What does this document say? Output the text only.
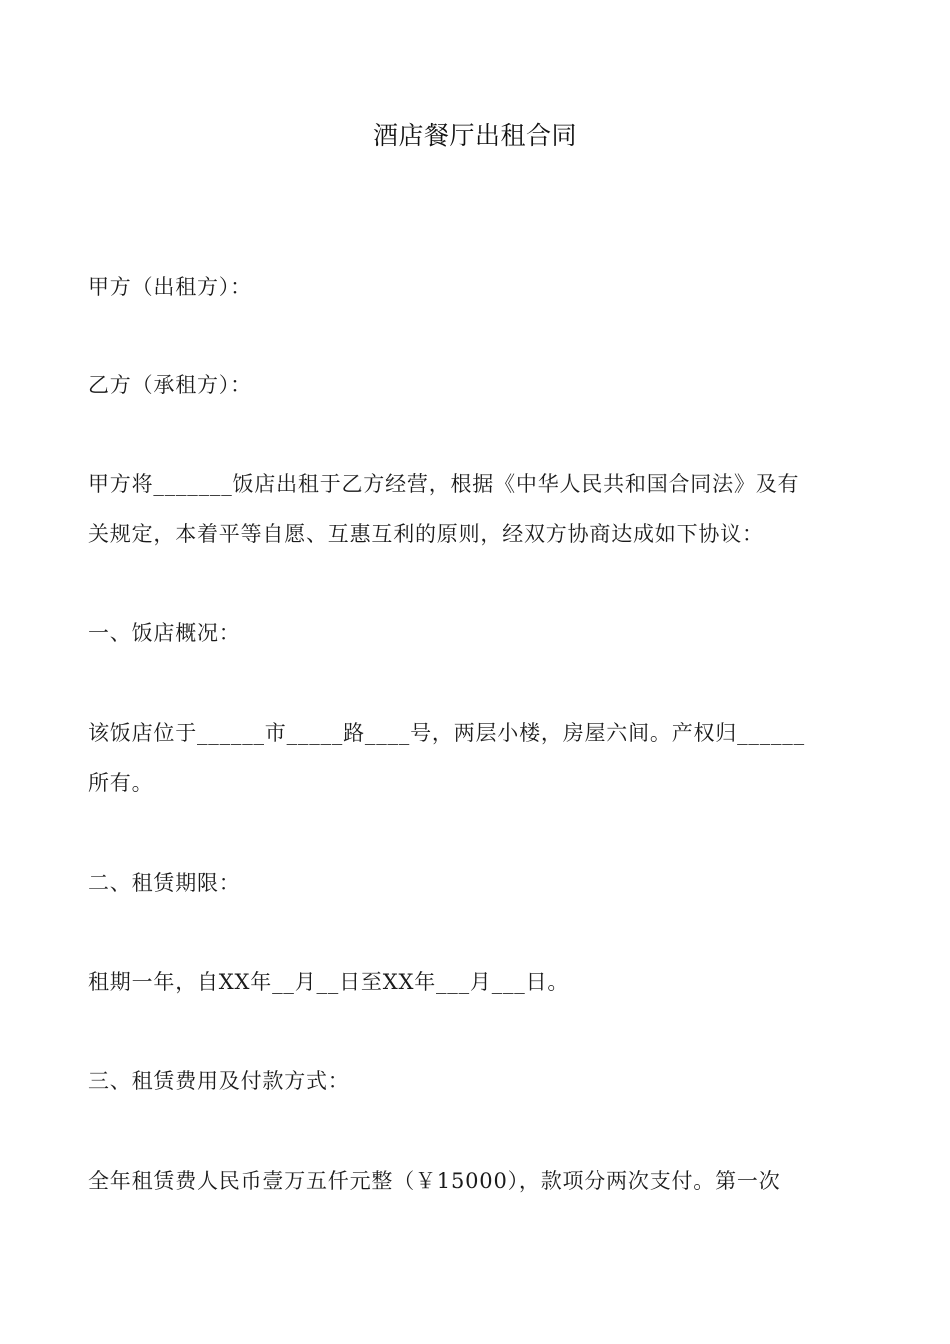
酒店餐厅出租合同
甲方（出租方）：
乙方（承租方）：
甲方将_______饭店出租于乙方经营，根据《中华人民共和国合同法》及有
关规定，本着平等自愿、互惠互利的原则，经双方协商达成如下协议：
一、饭店概况：
该饭店位于______市_____路____号，两层小楼，房屋六间。产权归______
所有。
二、租赁期限：
租期一年，自XX年__月__日至XX年___月___日。
三、租赁费用及付款方式：
全年租赁费人民币壹万五仟元整（￥15000），款项分两次支付。第一次
